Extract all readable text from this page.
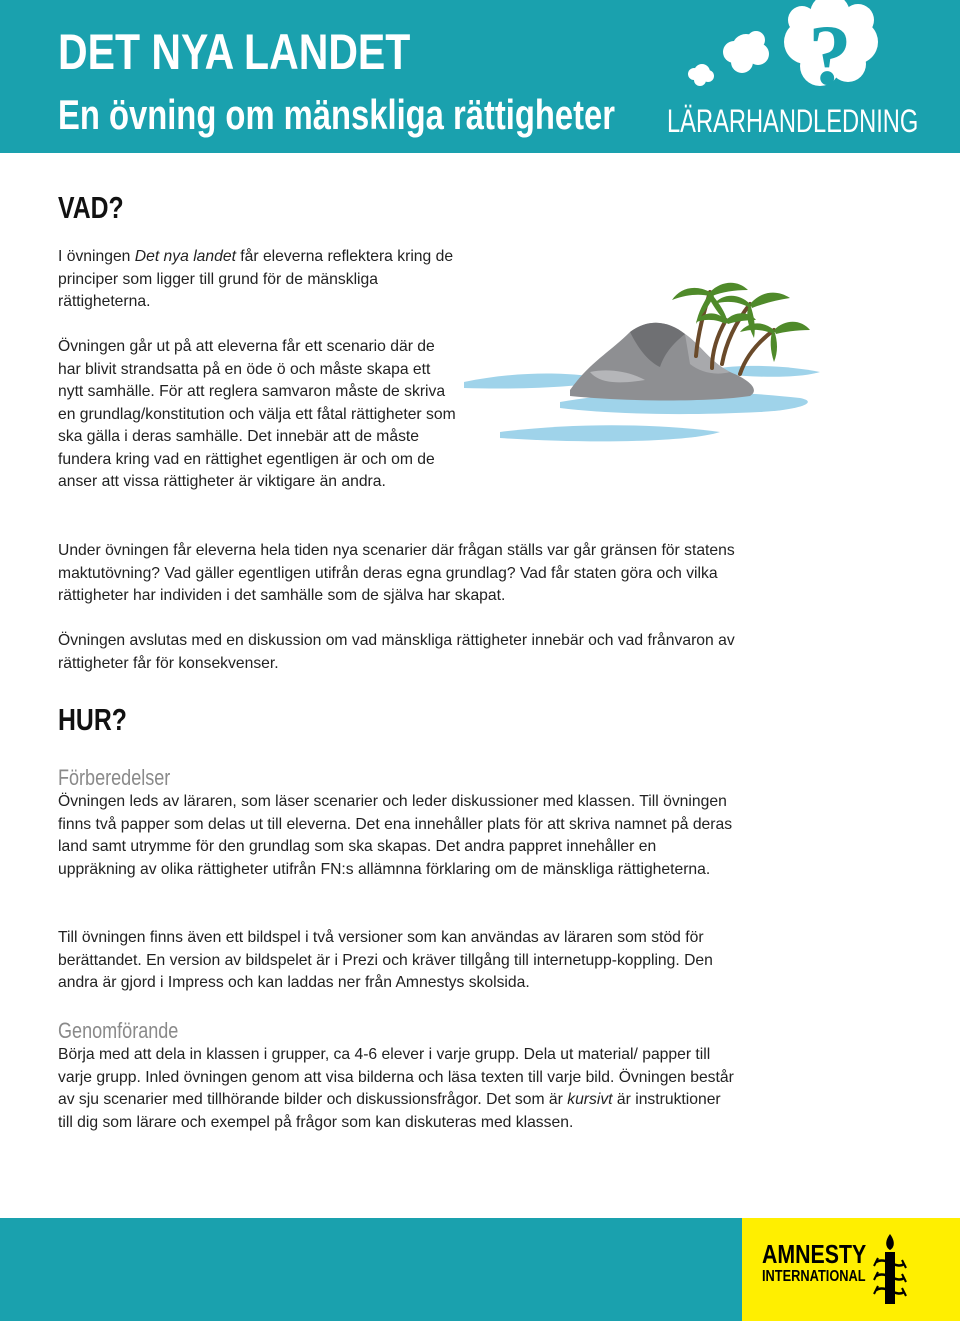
DET NYA LANDET
En övning om mänskliga rättigheter
?
LÄRARHANDLEDNING
VAD?

I övningen Det nya landet får eleverna reflektera kring de principer som ligger till grund för de mänskliga rättigheterna.

Övningen går ut på att eleverna får ett scenario där de har blivit strandsatta på en öde ö och måste skapa ett nytt samhälle. För att reglera samvaron måste de skriva en grundlag/konstitution och välja ett fåtal rättigheter som ska gälla i deras samhälle. Det innebär att de måste fundera kring vad en rättighet egentligen är och om de anser att vissa rättigheter är viktigare än andra.

Under övningen får eleverna hela tiden nya scenarier där frågan ställs var går gränsen för statens maktutövning? Vad gäller egentligen utifrån deras egna grundlag? Vad får staten göra och vilka rättigheter har individen i det samhälle som de själva har skapat.

Övningen avslutas med en diskussion om vad mänskliga rättigheter innebär och vad frånvaron av rättigheter får för konsekvenser.

HUR?
Förberedelser

Övningen leds av läraren, som läser scenarier och leder diskussioner med klassen. Till övningen finns två papper som delas ut till eleverna. Det ena innehåller plats för att skriva namnet på deras land samt utrymme för den grundlag som ska skapas. Det andra pappret innehåller en uppräkning av olika rättigheter utifrån FN:s allämnna förklaring om de mänskliga rättigheterna.

Till övningen finns även ett bildspel i två versioner som kan användas av läraren som stöd för berättandet. En version av bildspelet är i Prezi och kräver tillgång till internetupp-koppling. Den andra är gjord i Impress och kan laddas ner från Amnestys skolsida.

Genomförande

Börja med att dela in klassen i grupper, ca 4-6 elever i varje grupp. Dela ut material/ papper till varje grupp. Inled övningen genom att visa bilderna och läsa texten till varje bild. Övningen består av sju scenarier med tillhörande bilder och diskussionsfrågor. Det som är kursivt är instruktioner till dig som lärare och exempel på frågor som kan diskuteras med klassen.

AMNESTY
INTERNATIONAL
